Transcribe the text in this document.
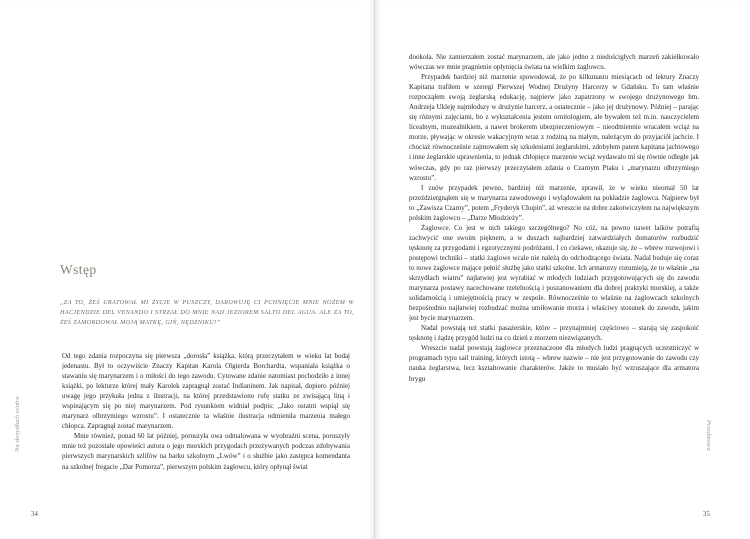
Wstęp
„ZA TO, ŻEŚ URATOWAŁ MI ŻYCIE W PUSZCZY, DAROWUJĘ CI PCHNIĘCIE MNIE NOŻEM W HACJENDZIE DEL VENANDO I STRZAŁ DO MNIE NAD JEZIOREM SALTO DEL AGUA. ALE ZA TO, ŻEŚ ZAMORDOWAŁ MOJĄ MATKĘ, GIŃ, NĘDZNIKU!”

Od tego zdania rozpoczyna się pierwsza „dorosła” książka, którą przeczytałem w wieku lat bodaj jedenastu. Był to oczywiście Znaczy Kapitan Karola Olgierda Borchardta, wspaniała książka o stawaniu się marynarzem i o miłości do tego zawodu. Cytowane zdanie natomiast pochodziło z innej książki, po lekturze której mały Karolek zapragnął zostać Indianinem. Jak napisał, dopiero później uwagę jego przykuła jedna z ilustracji, na której przedstawiono rufę statku ze zwisającą liną i wspinającym się po niej marynarzem. Pod rysunkiem widniał podpis: „Jako ostatni wspiął się marynarz olbrzymiego wzrostu”. I ostatecznie ta właśnie ilustracja odmieniła marzenia małego chłopca. Zapragnął zostać marynarzem.

Mnie również, ponad 60 lat później, poruszyła owa odmalowana w wyobraźni scena, poruszyły mnie też pozostałe opowieści autora o jego morskich przygodach przeżywanych podczas zdobywania pierwszych marynarskich szlifów na barku szkolnym „Lwów” i o służbie jako zastępca komendanta na szkolnej fregacie „Dar Pomorza”, pierwszym polskim żaglowcu, który opłynął świat

dookoła. Nie zamierzałem zostać marynarzem, ale jako jedno z niedościgłych marzeń zakiełkowało wówczas we mnie pragnienie opłynięcia świata na wielkim żaglowcu.

Przypadek bardziej niż marzenie spowodował, że po kilkunastu miesiącach od lektury Znaczy Kapitana trafiłem w szeregi Pierwszej Wodnej Drużyny Harcerzy w Gdańsku. To tam właśnie rozpocząłem swoją żeglarską edukację, najpierw jako zapatrzony w swojego drużynowego hm. Andrzeja Ukleję najmłodszy w drużynie harcerz, a ostatecznie – jako jej drużynowy. Później – parając się różnymi zajęciami, bo z wykształcenia jestem ornitologiem, ale bywałem też m.in. nauczycielem licealnym, muzealnikiem, a nawet brokerem ubezpieczeniowym – nieodmiennie wracałem wciąż na morze, pływając w okresie wakacyjnym wraz z rodziną na małym, należącym do przyjaciół jachcie. I chociaż równocześnie zajmowałem się szkoleniami żeglarskimi, zdobyłem patent kapitana jachtowego i inne żeglarskie uprawnienia, to jednak chłopięce marzenie wciąż wydawało mi się równie odległe jak wówczas, gdy po raz pierwszy przeczytałem zdania o Czarnym Ptaku i „marynarzu olbrzymiego wzrostu”.

I znów przypadek pewno, bardziej niż marzenie, sprawił, że w wieku nieomal 50 lat przeździergnąłem się w marynarza zawodowego i wylądowałem na pokładzie żaglowca. Najpierw był to „Zawisza Czarny”, potem „Fryderyk Chopin”, aż wreszcie na dobre zakotwiczyłem na największym polskim żaglowcu – „Darze Młodzieży”.

Żaglowce. Co jest w nich takiego szczególnego? No cóż, na pewno nawet laików potrafią zachwycić one swoim pięknem, a w duszach najbardziej zatwardziałych domatorów rozbudzić tęsknotę za przygodami i egzotycznymi podróżami. I co ciekawe, okazuje się, że – wbrew rozwojowi i postępowi techniki – statki żaglowe wcale nie należą do odchodzącego świata. Nadal buduje się coraz to nowe żaglowce mające pełnić służbę jako statki szkolne. Ich armatorzy rozumieją, że to właśnie „na skrzydłach wiatru” najłatwiej jest wyrabiać w młodych ludziach przygotowujących się do zawodu marynarza postawy nacechowane rzetelnością i poszanowaniem dla dobrej praktyki morskiej, a także solidarnością i umiejętnością pracy w zespole. Równocześnie to właśnie na żaglowcach szkolnych bezpośrednio najłatwiej rozbudzać można umiłowanie morza i właściwy stosunek do zawodu, jakim jest bycie marynarzem.

Nadal powstają też statki pasażerskie, które – przynajmniej częściowo – starają się zaspokoić tęsknotę i żądzę przygód ludzi na co dzień z morzem niezwiązanych.

Wreszcie nadal powstają żaglowce przeznaczone dla młodych ludzi pragnących uczestniczyć w programach typu sail training, których istotą – wbrew nazwie – nie jest przygotowanie do zawodu czy nauka żeglarstwa, lecz kształtowanie charakterów. Jakże to musiało być wzruszające dla armatora brygu

Na skrzydłach wiatru
34
Przedmowa
35
